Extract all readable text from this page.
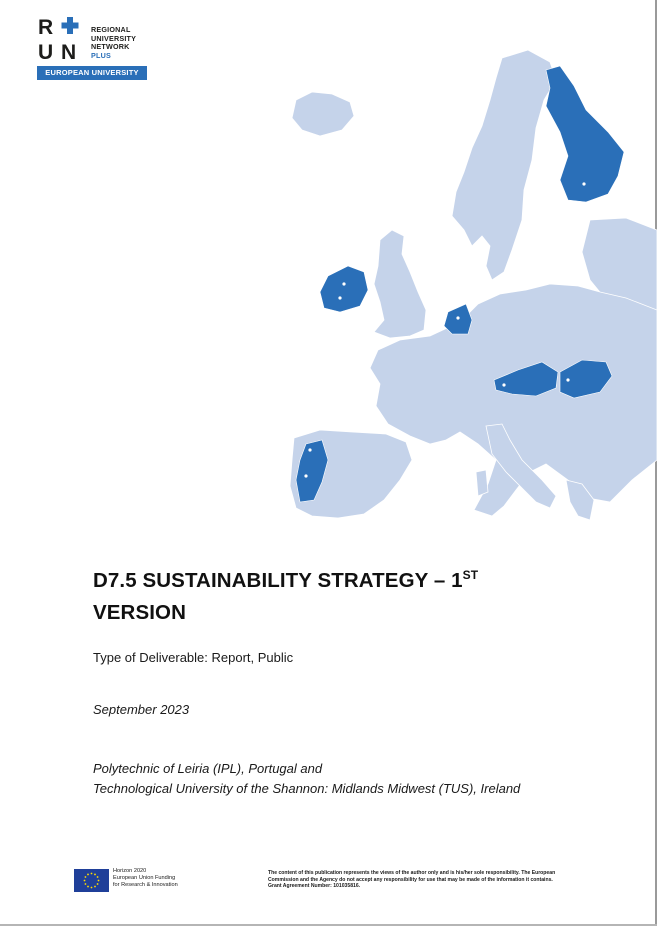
R
U N
REGIONAL
UNIVERSITY
NETWORK
PLUS
EUROPEAN UNIVERSITY
D7.5 SUSTAINABILITY STRATEGY – 1ST
VERSION
Type of Deliverable: Report, Public
September 2023
Polytechnic of Leiria (IPL), Portugal and
Technological University of the Shannon: Midlands Midwest (TUS), Ireland
Horizon 2020
European Union Funding
for Research & Innovation
The content of this publication represents the views of the author only and is his/her sole responsibility. The European
Commission and the Agency do not accept any responsibility for use that may be made of the information it contains.
Grant Agreement Number: 101035816.
